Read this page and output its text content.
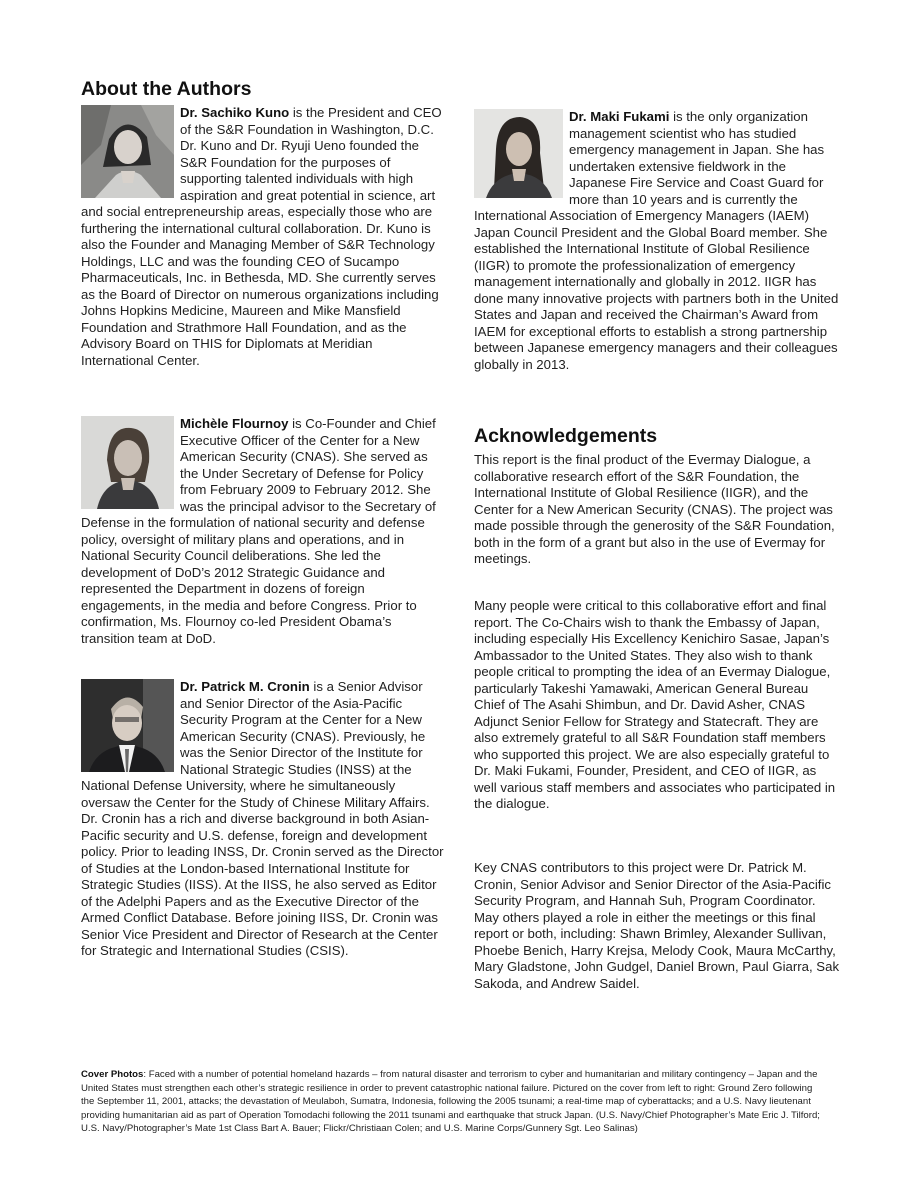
About the Authors

Dr. Sachiko Kuno is the President and CEO of the S&R Foundation in Washington, D.C. Dr. Kuno and Dr. Ryuji Ueno founded the S&R Foundation for the purposes of supporting talented individuals with high aspiration and great potential in science, art and social entrepreneurship areas, especially those who are furthering the international cultural collaboration. Dr. Kuno is also the Founder and Managing Member of S&R Technology Holdings, LLC and was the founding CEO of Sucampo Pharmaceuticals, Inc. in Bethesda, MD. She currently serves as the Board of Director on numerous organizations including Johns Hopkins Medicine, Maureen and Mike Mansfield Foundation and Strathmore Hall Foundation, and as the Advisory Board on THIS for Diplomats at Meridian International Center.

Michèle Flournoy is Co-Founder and Chief Executive Officer of the Center for a New American Security (CNAS). She served as the Under Secretary of Defense for Policy from February 2009 to February 2012. She was the principal advisor to the Secretary of Defense in the formulation of national security and defense policy, oversight of military plans and operations, and in National Security Council deliberations. She led the development of DoD’s 2012 Strategic Guidance and represented the Department in dozens of foreign engagements, in the media and before Congress. Prior to confirmation, Ms. Flournoy co-led President Obama’s transition team at DoD.

Dr. Patrick M. Cronin is a Senior Advisor and Senior Director of the Asia-Pacific Security Program at the Center for a New American Security (CNAS). Previously, he was the Senior Director of the Institute for National Strategic Studies (INSS) at the National Defense University, where he simultaneously oversaw the Center for the Study of Chinese Military Affairs. Dr. Cronin has a rich and diverse background in both Asian-Pacific security and U.S. defense, foreign and development policy. Prior to leading INSS, Dr. Cronin served as the Director of Studies at the London-based International Institute for Strategic Studies (IISS). At the IISS, he also served as Editor of the Adelphi Papers and as the Executive Director of the Armed Conflict Database. Before joining IISS, Dr. Cronin was Senior Vice President and Director of Research at the Center for Strategic and International Studies (CSIS).

Dr. Maki Fukami is the only organization management scientist who has studied emergency management in Japan. She has undertaken extensive fieldwork in the Japanese Fire Service and Coast Guard for more than 10 years and is currently the International Association of Emergency Managers (IAEM) Japan Council President and the Global Board member. She established the International Institute of Global Resilience (IIGR) to promote the professionalization of emergency management internationally and globally in 2012. IIGR has done many innovative projects with partners both in the United States and Japan and received the Chairman’s Award from IAEM for exceptional efforts to establish a strong partnership between Japanese emergency managers and their colleagues globally in 2013.

Acknowledgements
This report is the final product of the Evermay Dialogue, a collaborative research effort of the S&R Foundation, the International Institute of Global Resilience (IIGR), and the Center for a New American Security (CNAS). The project was made possible through the generosity of the S&R Foundation, both in the form of a grant but also in the use of Evermay for meetings.
Many people were critical to this collaborative effort and final report. The Co-Chairs wish to thank the Embassy of Japan, including especially His Excellency Kenichiro Sasae, Japan’s Ambassador to the United States. They also wish to thank people critical to prompting the idea of an Evermay Dialogue, particularly Takeshi Yamawaki, American General Bureau Chief of The Asahi Shimbun, and Dr. David Asher, CNAS Adjunct Senior Fellow for Strategy and Statecraft. They are also extremely grateful to all S&R Foundation staff members who supported this project. We are also especially grateful to Dr. Maki Fukami, Founder, President, and CEO of IIGR, as well various staff members and associates who participated in the dialogue.
Key CNAS contributors to this project were Dr. Patrick M. Cronin, Senior Advisor and Senior Director of the Asia-Pacific Security Program, and Hannah Suh, Program Coordinator. May others played a role in either the meetings or this final report or both, including: Shawn Brimley, Alexander Sullivan, Phoebe Benich, Harry Krejsa, Melody Cook, Maura McCarthy, Mary Gladstone, John Gudgel, Daniel Brown, Paul Giarra, Sak Sakoda, and Andrew Saidel.
Cover Photos: Faced with a number of potential homeland hazards – from natural disaster and terrorism to cyber and humanitarian and military contingency – Japan and the United States must strengthen each other’s strategic resilience in order to prevent catastrophic national failure. Pictured on the cover from left to right: Ground Zero following the September 11, 2001, attacks; the devastation of Meulaboh, Sumatra, Indonesia, following the 2005 tsunami; a real-time map of cyberattacks; and a U.S. Navy lieutenant providing humanitarian aid as part of Operation Tomodachi following the 2011 tsunami and earthquake that struck Japan. (U.S. Navy/Chief Photographer’s Mate Eric J. Tilford; U.S. Navy/Photographer’s Mate 1st Class Bart A. Bauer; Flickr/Christiaan Colen; and U.S. Marine Corps/Gunnery Sgt. Leo Salinas)
